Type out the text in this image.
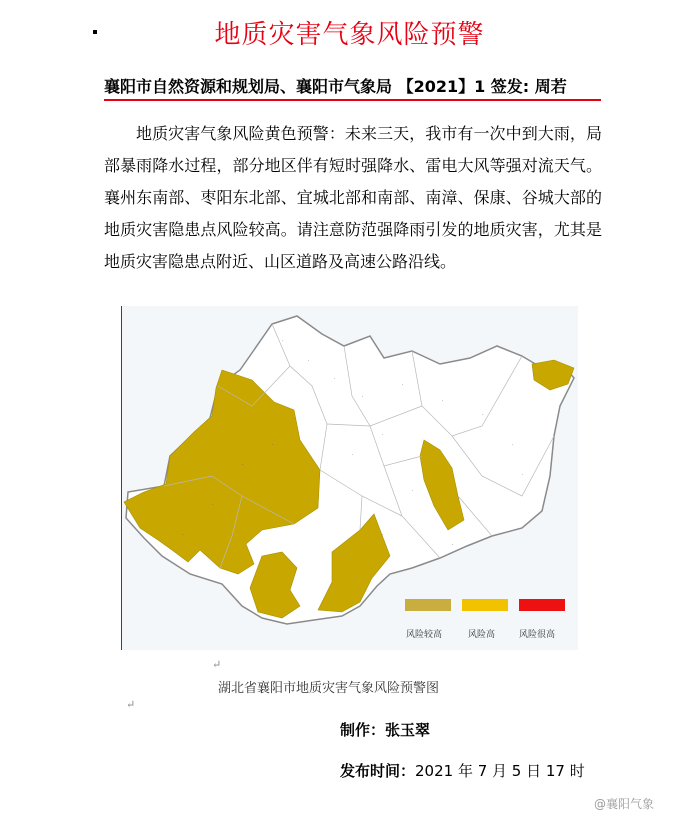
地质灾害气象风险预警
襄阳市自然资源和规划局、襄阳市气象局 【2021】1 签发: 周若
地质灾害气象风险黄色预警：未来三天，我市有一次中到大雨，局部暴雨降水过程，部分地区伴有短时强降水、雷电大风等强对流天气。襄州东南部、枣阳东北部、宜城北部和南部、南漳、保康、谷城大部的地质灾害隐患点风险较高。请注意防范强降雨引发的地质灾害，尤其是地质灾害隐患点附近、山区道路及高速公路沿线。
·
·
·
·
·
·
·
·
·
·
·
·
·
·
·
·
·
·
风险较高	风险高	风险很高
↵
湖北省襄阳市地质灾害气象风险预警图
↵
制作：张玉翠
发布时间：2021 年 7 月 5 日 17 时
@襄阳气象
